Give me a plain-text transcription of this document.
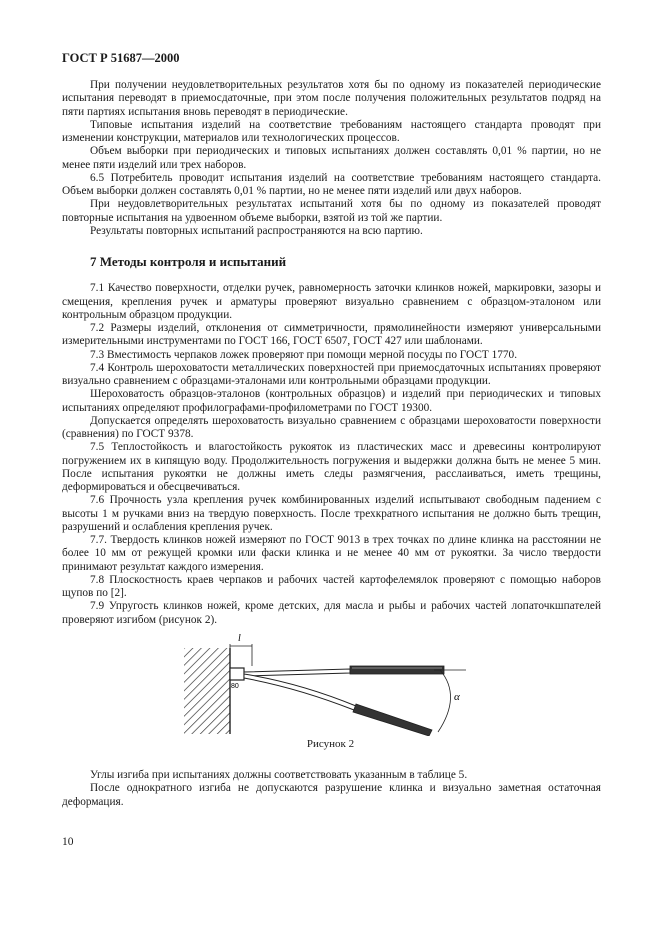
ГОСТ Р 51687—2000

При получении неудовлетворительных результатов хотя бы по одному из показателей периодические испытания переводят в приемосдаточные, при этом после получения положительных результатов подряд на пяти партиях испытания вновь переводят в периодические.

Типовые испытания изделий на соответствие требованиям настоящего стандарта проводят при изменении конструкции, материалов или технологических процессов.

Объем выборки при периодических и типовых испытаниях должен составлять 0,01 % партии, но не менее пяти изделий или трех наборов.

6.5 Потребитель проводит испытания изделий на соответствие требованиям настоящего стандарта. Объем выборки должен составлять 0,01 % партии, но не менее пяти изделий или двух наборов.

При неудовлетворительных результатах испытаний хотя бы по одному из показателей проводят повторные испытания на удвоенном объеме выборки, взятой из той же партии.

Результаты повторных испытаний распространяются на всю партию.

7 Методы контроля и испытаний

7.1 Качество поверхности, отделки ручек, равномерность заточки клинков ножей, маркировки, зазоры и смещения, крепления ручек и арматуры проверяют визуально сравнением с образцом-эталоном или контрольным образцом продукции.

7.2 Размеры изделий, отклонения от симметричности, прямолинейности измеряют универсальными измерительными инструментами по ГОСТ 166, ГОСТ 6507, ГОСТ 427 или шаблонами.

7.3 Вместимость черпаков ложек проверяют при помощи мерной посуды по ГОСТ 1770.

7.4 Контроль шероховатости металлических поверхностей при приемосдаточных испытаниях проверяют визуально сравнением с образцами-эталонами или контрольными образцами продукции.

Шероховатость образцов-эталонов (контрольных образцов) и изделий при периодических и типовых испытаниях определяют профилографами-профилометрами по ГОСТ 19300.

Допускается определять шероховатость визуально сравнением с образцами шероховатости поверхности (сравнения) по ГОСТ 9378.

7.5 Теплостойкость и влагостойкость рукояток из пластических масс и древесины контролируют погружением их в кипящую воду. Продолжительность погружения и выдержки должна быть не менее 5 мин. После испытания рукоятки не должны иметь следы размягчения, расслаиваться, иметь трещины, деформироваться и обесцвечиваться.

7.6 Прочность узла крепления ручек комбинированных изделий испытывают свободным падением с высоты 1 м ручками вниз на твердую поверхность. После трехкратного испытания не должно быть трещин, разрушений и ослабления крепления ручек.

7.7. Твердость клинков ножей измеряют по ГОСТ 9013 в трех точках по длине клинка на расстоянии не более 10 мм от режущей кромки или фаски клинка и не менее 40 мм от рукоятки. За число твердости принимают результат каждого измерения.

7.8 Плоскостность краев черпаков и рабочих частей картофелемялок проверяют с помощью наборов щупов по [2].

7.9 Упругость клинков ножей, кроме детских, для масла и рыбы и рабочих частей лопаточкшпателей проверяют изгибом (рисунок 2).

80
l
α
Рисунок 2

Углы изгиба при испытаниях должны соответствовать указанным в таблице 5.

После однократного изгиба не допускаются разрушение клинка и визуально заметная остаточная деформация.

10
